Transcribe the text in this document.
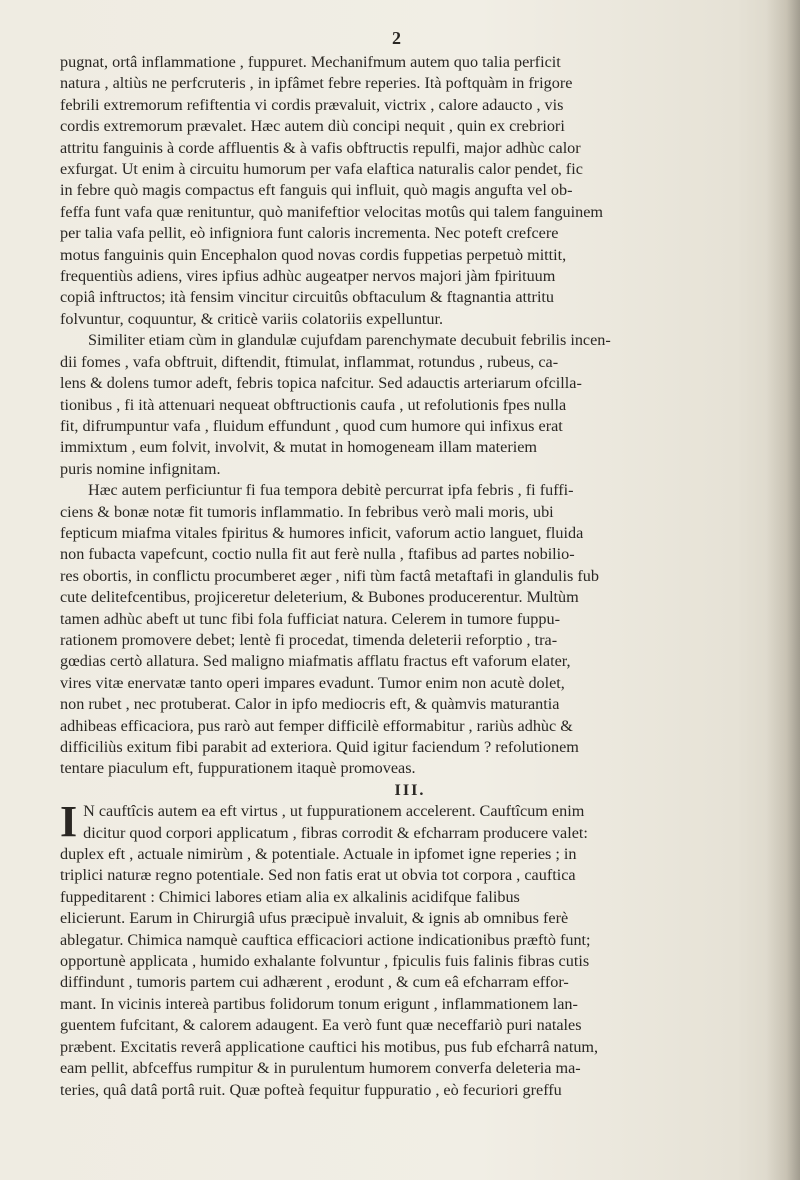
2
pugnat, ortâ inflammatione , fuppuret. Mechanifmum autem quo talia perficit
natura , altiùs ne perfcruteris , in ipfâmet febre reperies. Ità poftquàm in frigore
febrili extremorum refiftentia vi cordis prævaluit, victrix , calore adaucto , vis
cordis extremorum prævalet. Hæc autem diù concipi nequit , quin ex crebriori
attritu fanguinis à corde affluentis & à vafis obftructis repulfi, major adhùc calor
exfurgat. Ut enim à circuitu humorum per vafa elaftica naturalis calor pendet, fic
in febre quò magis compactus eft fanguis qui influit, quò magis angufta vel ob-
feffa funt vafa quæ renituntur, quò manifeftior velocitas motûs qui talem fanguinem
per talia vafa pellit, eò infigniora funt caloris incrementa. Nec poteft crefcere
motus fanguinis quin Encephalon quod novas cordis fuppetias perpetuò mittit,
frequentiùs adiens, vires ipfius adhùc augeatper nervos majori jàm fpirituum
copiâ inftructos; ità fensim vincitur circuitûs obftaculum & ftagnantia attritu
folvuntur, coquuntur, & criticè variis colatoriis expelluntur.
Similiter etiam cùm in glandulæ cujufdam parenchymate decubuit febrilis incen-
dii fomes , vafa obftruit, diftendit, ftimulat, inflammat, rotundus , rubeus, ca-
lens & dolens tumor adeft, febris topica nafcitur. Sed adauctis arteriarum ofcilla-
tionibus , fi ità attenuari nequeat obftructionis caufa , ut refolutionis fpes nulla
fit, difrumpuntur vafa , fluidum effundunt , quod cum humore qui infixus erat
immixtum , eum folvit, involvit, & mutat in homogeneam illam materiem
puris nomine infignitam.
Hæc autem perficiuntur fi fua tempora debitè percurrat ipfa febris , fi fuffi-
ciens & bonæ notæ fit tumoris inflammatio. In febribus verò mali moris, ubi
fepticum miafma vitales fpiritus & humores inficit, vaforum actio languet, fluida
non fubacta vapefcunt, coctio nulla fit aut ferè nulla , ftafibus ad partes nobilio-
res obortis, in conflictu procumberet æger , nifi tùm factâ metaftafi in glandulis fub
cute delitefcentibus, projiceretur deleterium, & Bubones producerentur. Multùm
tamen adhùc abeft ut tunc fibi fola fufficiat natura. Celerem in tumore fuppu-
rationem promovere debet; lentè fi procedat, timenda deleterii reforptio , tra-
gœdias certò allatura. Sed maligno miafmatis afflatu fractus eft vaforum elater,
vires vitæ enervatæ tanto operi impares evadunt. Tumor enim non acutè dolet,
non rubet , nec protuberat. Calor in ipfo mediocris eft, & quàmvis maturantia
adhibeas efficaciora, pus rarò aut femper difficilè efformabitur , rariùs adhùc &
difficiliùs exitum fibi parabit ad exteriora. Quid igitur faciendum ? refolutionem
tentare piaculum eft, fuppurationem itaquè promoveas.
III.
I N cauftîcis autem ea eft virtus , ut fuppurationem accelerent. Cauftîcum enim
dicitur quod corpori applicatum , fibras corrodit & efcharram producere valet:
duplex eft , actuale nimirùm , & potentiale. Actuale in ipfomet igne reperies ; in
triplici naturæ regno potentiale. Sed non fatis erat ut obvia tot corpora , cauftica
fuppeditarent : Chimici labores etiam alia ex alkalinis acidifque falibus
elicierunt. Earum in Chirurgiâ ufus præcipuè invaluit, & ignis ab omnibus ferè
ablegatur. Chimica namquè cauftica efficaciori actione indicationibus præftò funt;
opportunè applicata , humido exhalante folvuntur , fpiculis fuis falinis fibras cutis
diffindunt , tumoris partem cui adhærent , erodunt , & cum eâ efcharram effor-
mant. In vicinis intereà partibus folidorum tonum erigunt , inflammationem lan-
guentem fufcitant, & calorem adaugent. Ea verò funt quæ neceffariò puri natales
præbent. Excitatis reverâ applicatione cauftici his motibus, pus fub efcharrâ natum,
eam pellit, abfceffus rumpitur & in purulentum humorem converfa deleteria ma-
teries, quâ datâ portâ ruit. Quæ pofteà fequitur fuppuratio , eò fecuriori greffu
